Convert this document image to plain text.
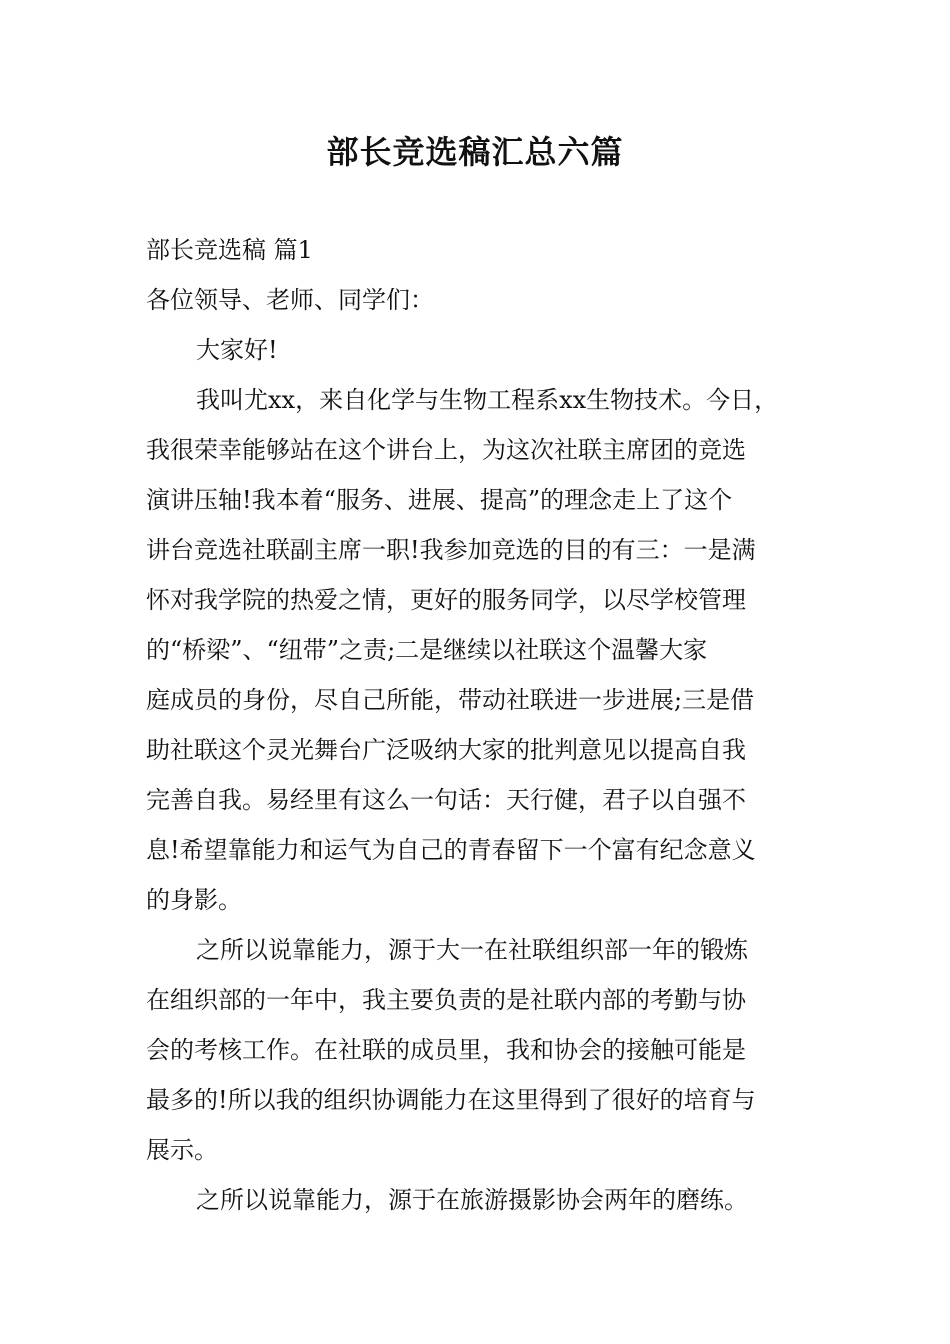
部长竞选稿汇总六篇
部长竞选稿 篇1
各位领导、老师、同学们：
大家好!
我叫尤xx，来自化学与生物工程系xx生物技术。今日，
我很荣幸能够站在这个讲台上，为这次社联主席团的竞选
演讲压轴!我本着“服务、进展、提高”的理念走上了这个
讲台竞选社联副主席一职!我参加竞选的目的有三：一是满
怀对我学院的热爱之情，更好的服务同学，以尽学校管理
的“桥梁”、“纽带”之责;二是继续以社联这个温馨大家
庭成员的身份，尽自己所能，带动社联进一步进展;三是借
助社联这个灵光舞台广泛吸纳大家的批判意见以提高自我
完善自我。易经里有这么一句话：天行健，君子以自强不
息!希望靠能力和运气为自己的青春留下一个富有纪念意义
的身影。
之所以说靠能力，源于大一在社联组织部一年的锻炼
在组织部的一年中，我主要负责的是社联内部的考勤与协
会的考核工作。在社联的成员里，我和协会的接触可能是
最多的!所以我的组织协调能力在这里得到了很好的培育与
展示。
之所以说靠能力，源于在旅游摄影协会两年的磨练。
